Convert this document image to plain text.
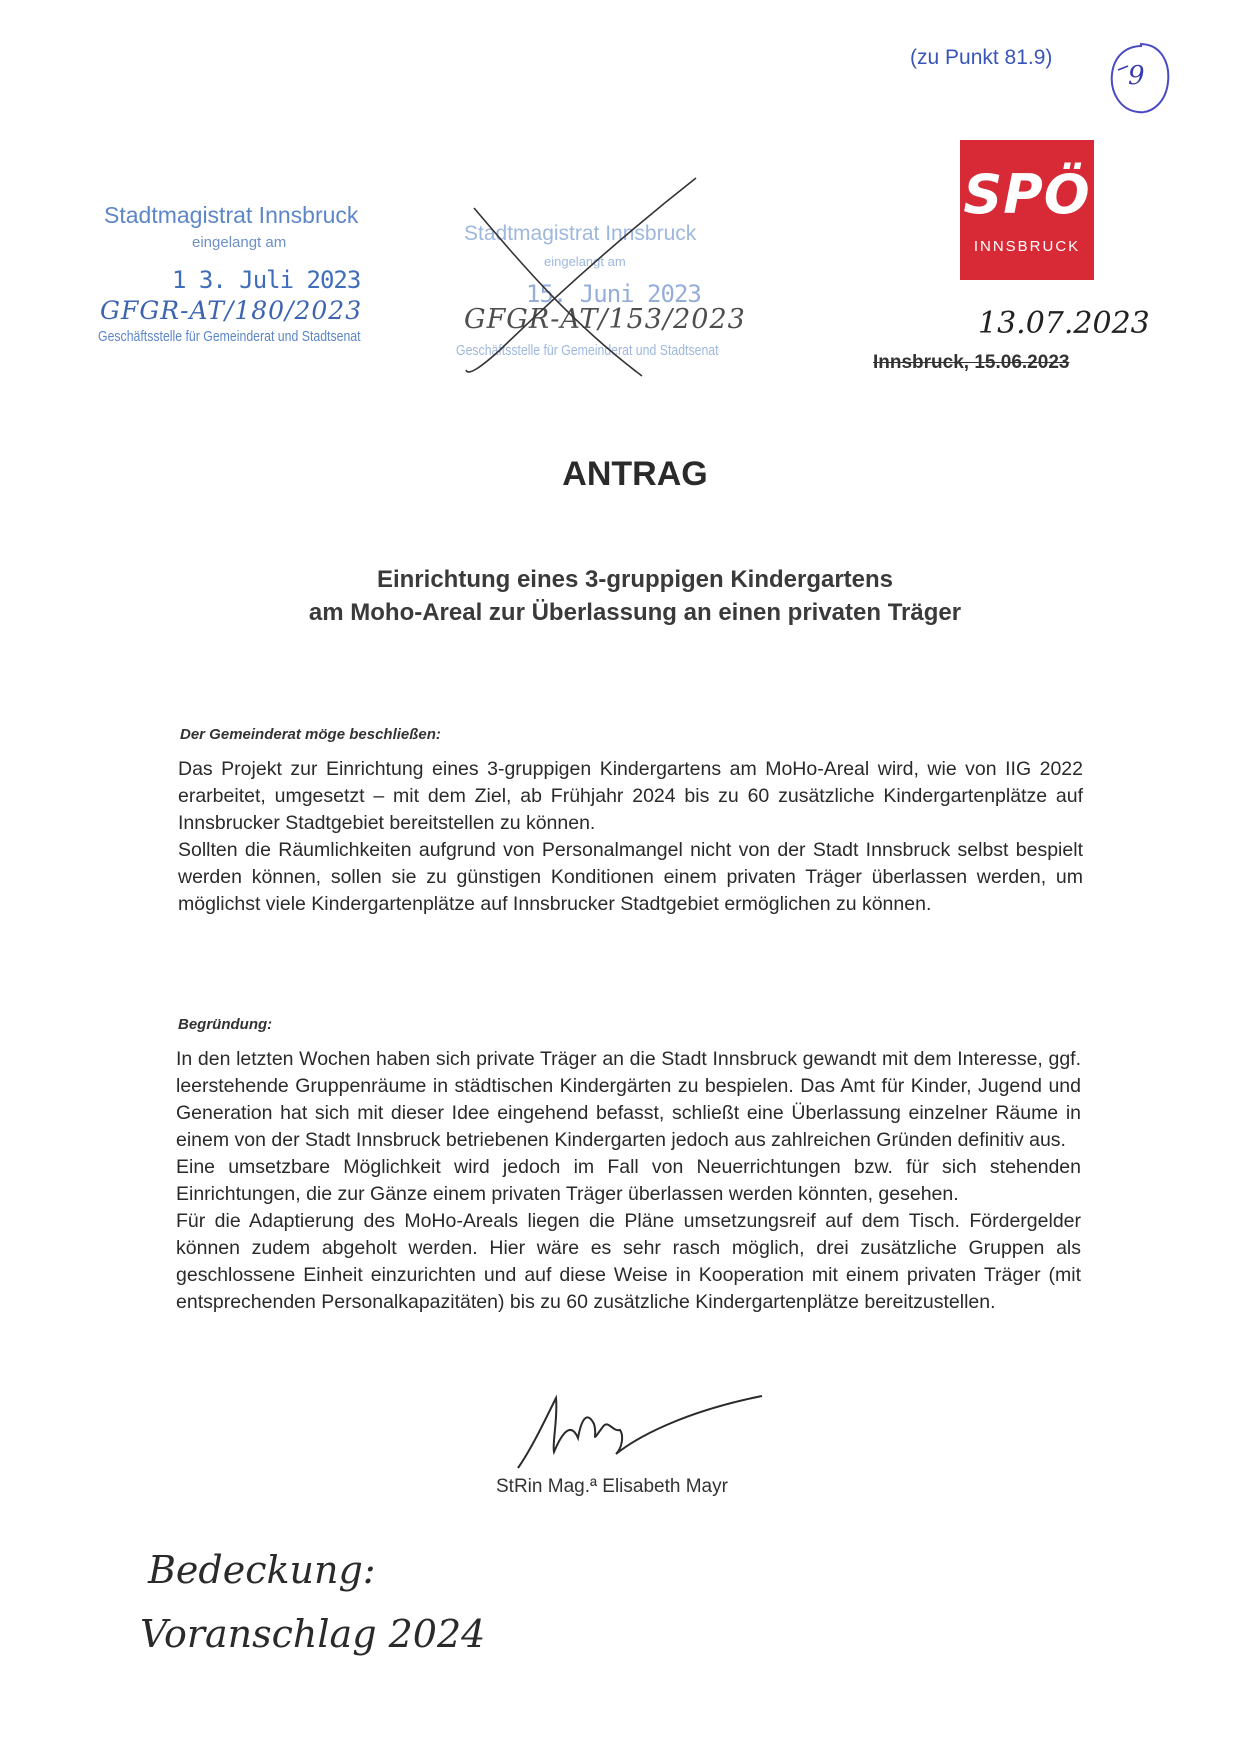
(zu Punkt 81.9)
9
SPÖ
INNSBRUCK
Stadtmagistrat Innsbruck
eingelangt am
1 3. Juli 2023
GFGR-AT/180/2023
Geschäftsstelle für Gemeinderat und Stadtsenat
Stadtmagistrat Innsbruck
eingelangt am
15. Juni 2023
GFGR-AT/153/2023
Geschäftsstelle für Gemeinderat und Stadtsenat
13.07.2023
Innsbruck, 15.06.2023
ANTRAG
Einrichtung eines 3-gruppigen Kindergartens
am Moho-Areal zur Überlassung an einen privaten Träger
Der Gemeinderat möge beschließen:

Das Projekt zur Einrichtung eines 3-gruppigen Kindergartens am MoHo-Areal wird, wie von IIG 2022 erarbeitet, umgesetzt – mit dem Ziel, ab Frühjahr 2024 bis zu 60 zusätzliche Kindergartenplätze auf Innsbrucker Stadtgebiet bereitstellen zu können.

Sollten die Räumlichkeiten aufgrund von Personalmangel nicht von der Stadt Innsbruck selbst bespielt werden können, sollen sie zu günstigen Konditionen einem privaten Träger überlassen werden, um möglichst viele Kindergartenplätze auf Innsbrucker Stadtgebiet ermöglichen zu können.

Begründung:

In den letzten Wochen haben sich private Träger an die Stadt Innsbruck gewandt mit dem Interesse, ggf. leerstehende Gruppenräume in städtischen Kindergärten zu bespielen. Das Amt für Kinder, Jugend und Generation hat sich mit dieser Idee eingehend befasst, schließt eine Überlassung einzelner Räume in einem von der Stadt Innsbruck betriebenen Kindergarten jedoch aus zahlreichen Gründen definitiv aus.

Eine umsetzbare Möglichkeit wird jedoch im Fall von Neuerrichtungen bzw. für sich stehenden Einrichtungen, die zur Gänze einem privaten Träger überlassen werden könnten, gesehen.

Für die Adaptierung des MoHo-Areals liegen die Pläne umsetzungsreif auf dem Tisch. Fördergelder können zudem abgeholt werden. Hier wäre es sehr rasch möglich, drei zusätzliche Gruppen als geschlossene Einheit einzurichten und auf diese Weise in Kooperation mit einem privaten Träger (mit entsprechenden Personalkapazitäten) bis zu 60 zusätzliche Kindergartenplätze bereitzustellen.

StRin Mag.ª Elisabeth Mayr
Bedeckung:
Voranschlag 2024
